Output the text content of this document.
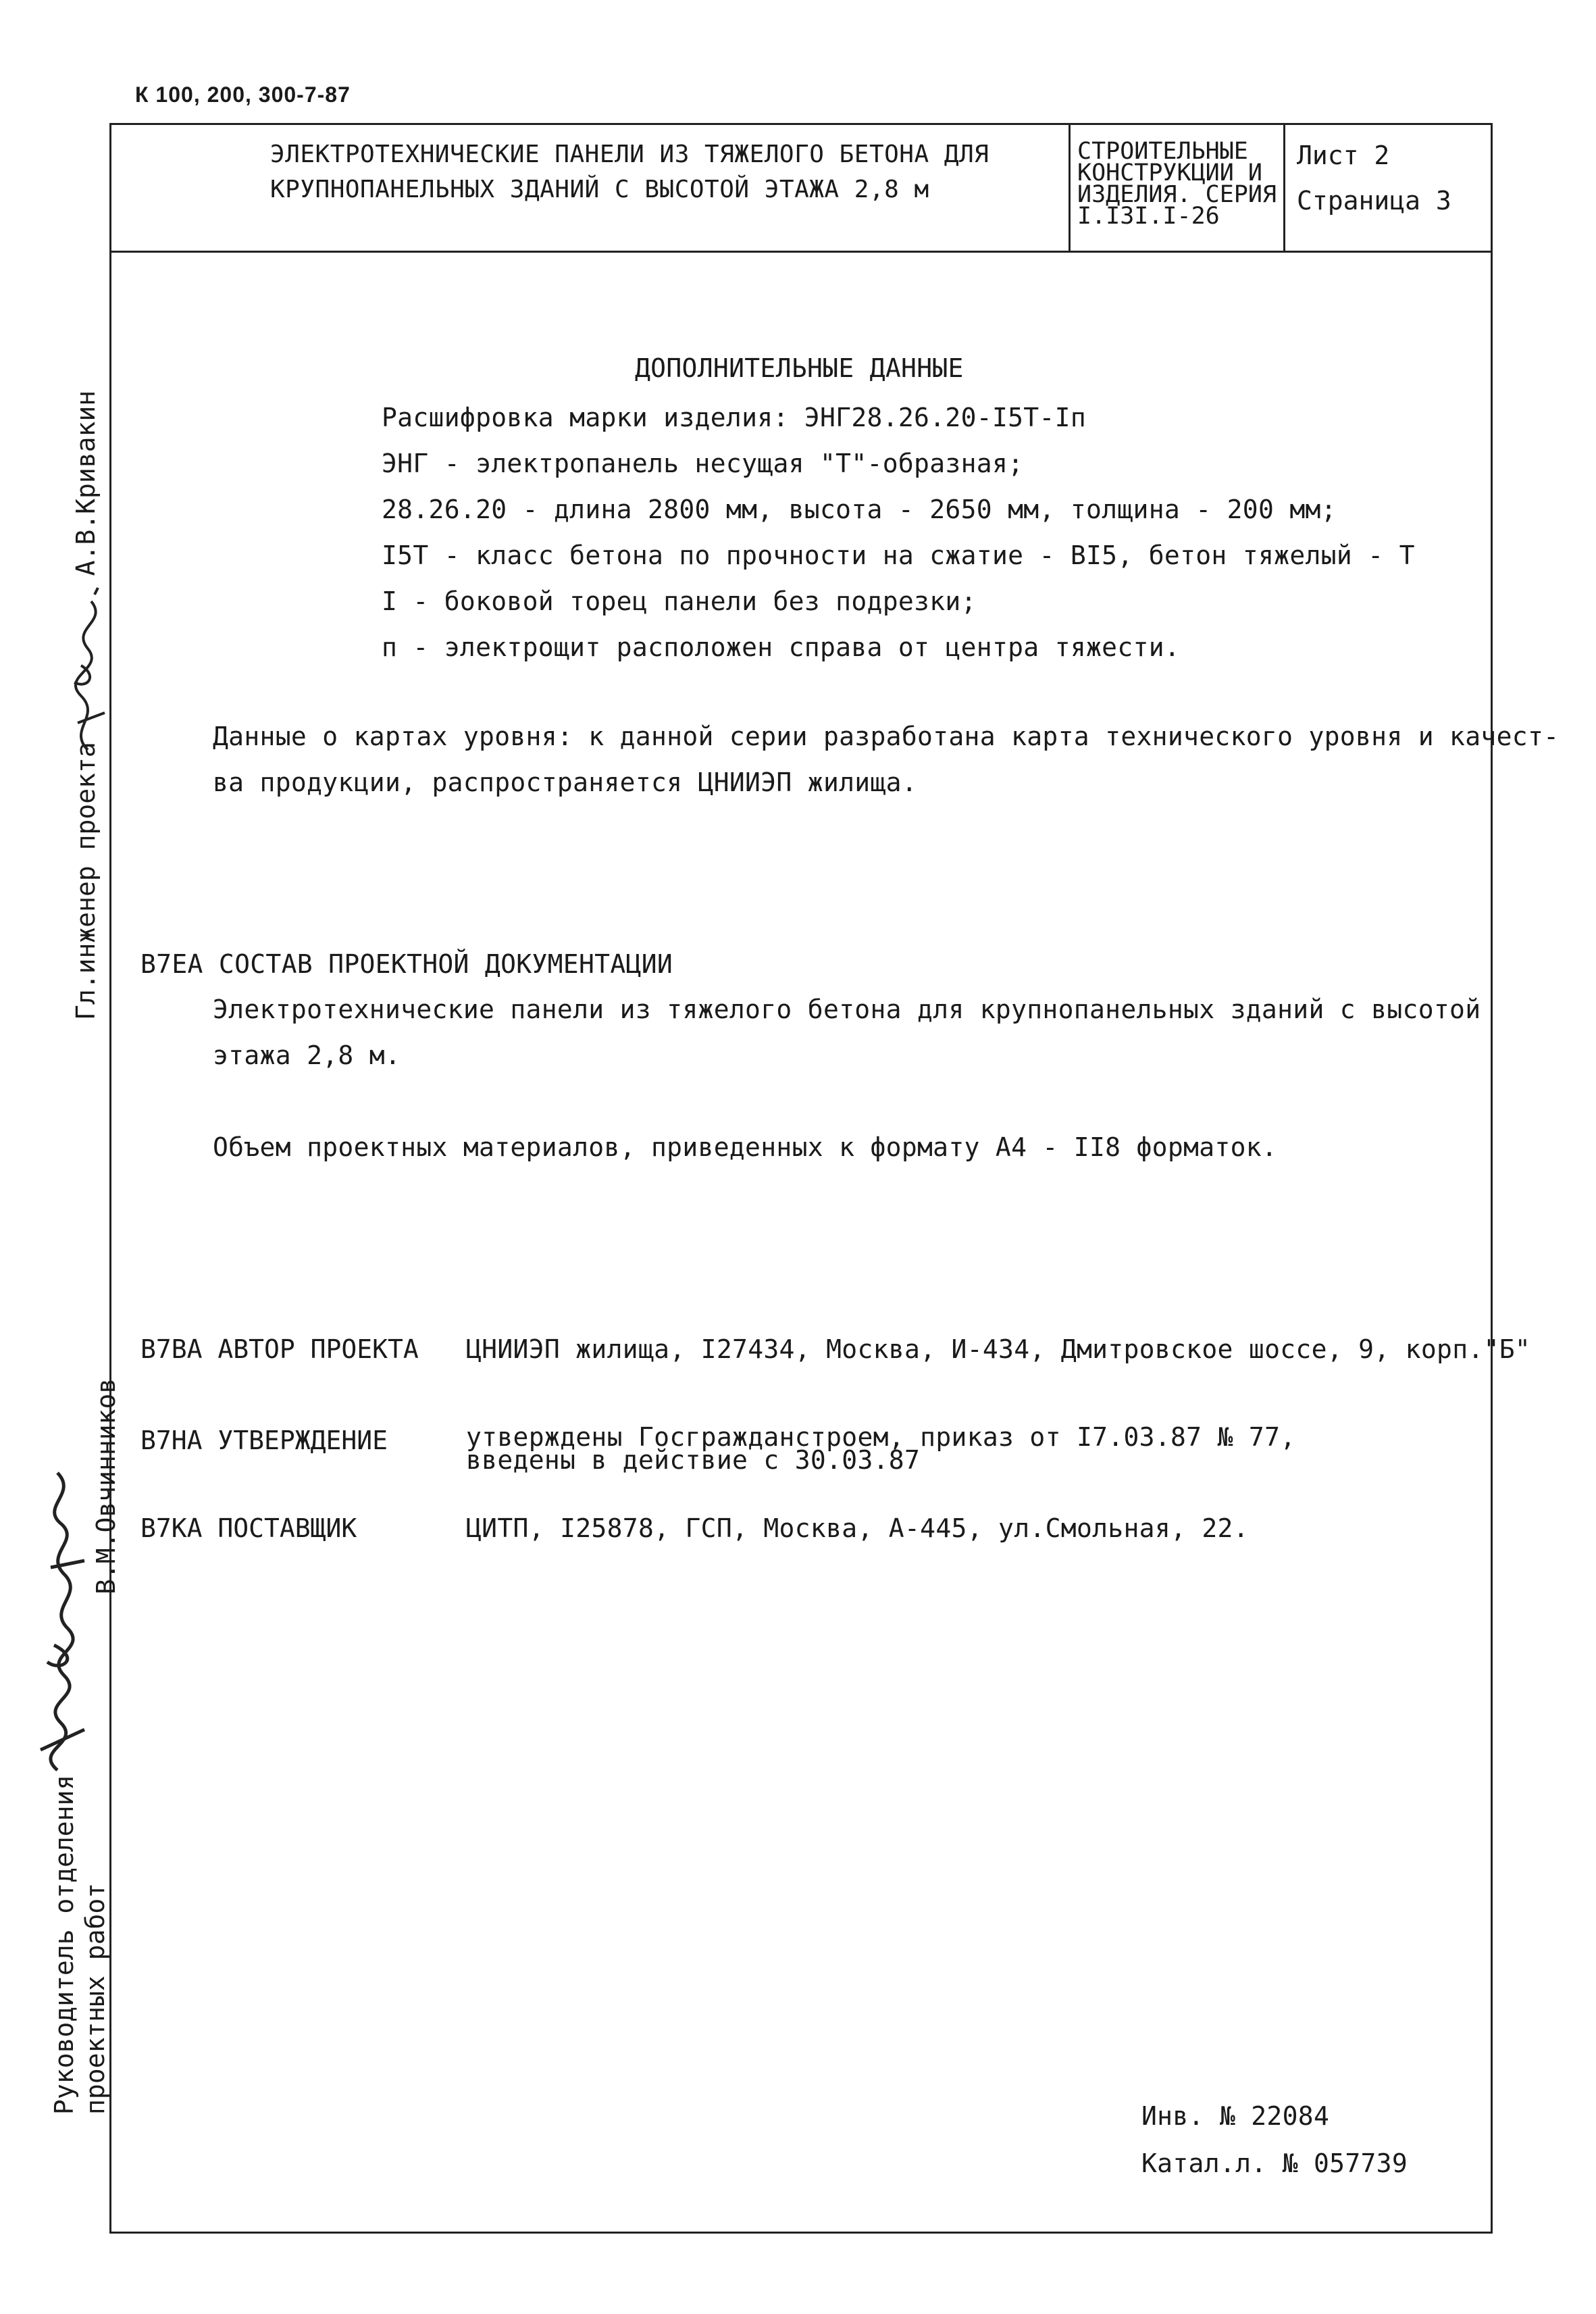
К 100, 200, 300-7-87
ЭЛЕКТРОТЕХНИЧЕСКИЕ ПАНЕЛИ ИЗ ТЯЖЕЛОГО БЕТОНА ДЛЯ
КРУПНОПАНЕЛЬНЫХ ЗДАНИЙ С ВЫСОТОЙ ЭТАЖА 2,8 м
СТРОИТЕЛЬНЫЕ
КОНСТРУКЦИИ И
ИЗДЕЛИЯ. СЕРИЯ
I.I3I.I-26
Лист 2
Страница 3
ДОПОЛНИТЕЛЬНЫЕ ДАННЫЕ
Расшифровка марки изделия: ЭНГ28.26.20-I5Т-Iп
ЭНГ - электропанель несущая "Т"-образная;
28.26.20 - длина 2800 мм, высота - 2650 мм, толщина - 200 мм;
I5Т - класс бетона по прочности на сжатие - BI5, бетон тяжелый - Т
I - боковой торец панели без подрезки;
п - электрощит расположен справа от центра тяжести.
Данные о картах уровня: к данной серии разработана карта технического уровня и качест-
ва продукции, распространяется ЦНИИЭП жилища.
В7ЕА СОСТАВ ПРОЕКТНОЙ ДОКУМЕНТАЦИИ
Электротехнические панели из тяжелого бетона для крупнопанельных зданий с высотой
этажа 2,8 м.
Объем проектных материалов, приведенных к формату А4 - II8 форматок.
В7ВА АВТОР ПРОЕКТА ЦНИИЭП жилища, I27434, Москва, И-434, Дмитровское шоссе, 9, корп."Б"
В7НА УТВЕРЖДЕНИЕ	утверждены Госгражданстроем, приказ от I7.03.87 № 77,
введены в действие с 30.03.87
В7КА ПОСТАВЩИК	ЦИТП, I25878, ГСП, Москва, А-445, ул.Смольная, 22.
Инв. № 22084
Катал.л. № 057739
Гл.инженер проекта  А.В.Кривакин
Руководитель отделения проектных работ
В.М.Овчинников
